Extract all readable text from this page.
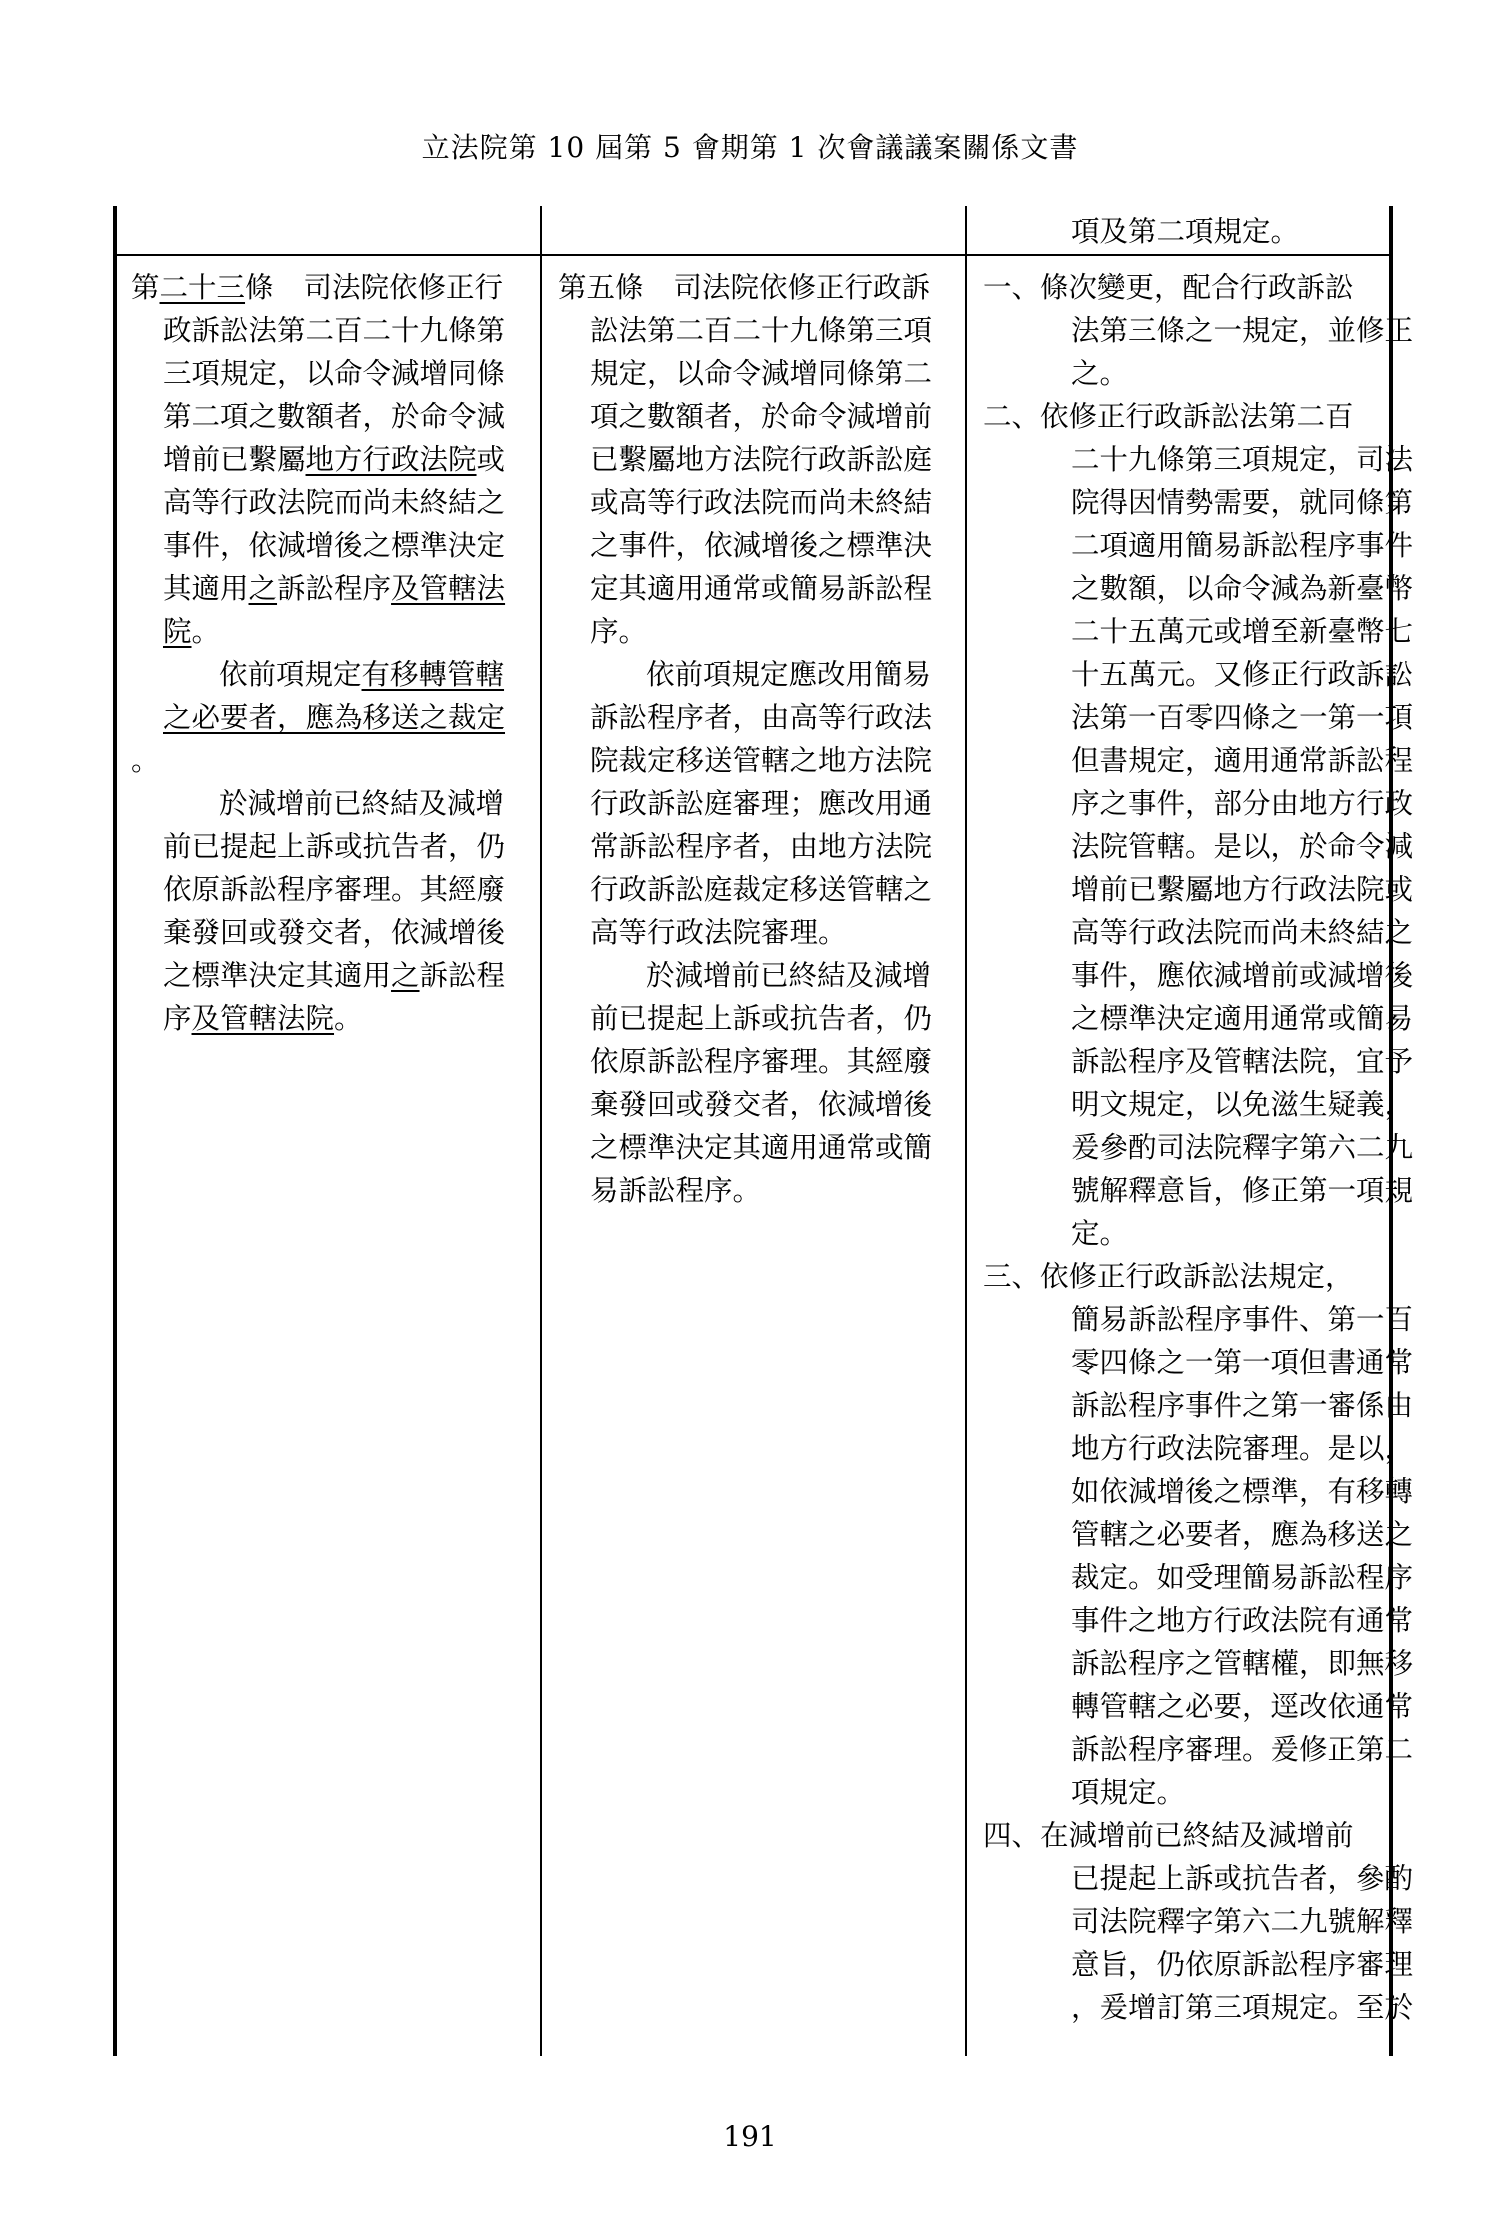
立法院第 10 屆第 5 會期第 1 次會議議案關係文書
項及第二項規定。
第二十三條 司法院依修正行
政訴訟法第二百二十九條第
三項規定，以命令減增同條
第二項之數額者，於命令減
增前已繫屬地方行政法院或
高等行政法院而尚未終結之
事件，依減增後之標準決定
其適用之訴訟程序及管轄法
院。
依前項規定有移轉管轄
之必要者，應為移送之裁定
。
於減增前已終結及減增
前已提起上訴或抗告者，仍
依原訴訟程序審理。其經廢
棄發回或發交者，依減增後
之標準決定其適用之訴訟程
序及管轄法院。
第五條 司法院依修正行政訴
訟法第二百二十九條第三項
規定，以命令減增同條第二
項之數額者，於命令減增前
已繫屬地方法院行政訴訟庭
或高等行政法院而尚未終結
之事件，依減增後之標準決
定其適用通常或簡易訴訟程
序。
依前項規定應改用簡易
訴訟程序者，由高等行政法
院裁定移送管轄之地方法院
行政訴訟庭審理；應改用通
常訴訟程序者，由地方法院
行政訴訟庭裁定移送管轄之
高等行政法院審理。
於減增前已終結及減增
前已提起上訴或抗告者，仍
依原訴訟程序審理。其經廢
棄發回或發交者，依減增後
之標準決定其適用通常或簡
易訴訟程序。
一、條次變更，配合行政訴訟
法第三條之一規定，並修正
之。
二、依修正行政訴訟法第二百
二十九條第三項規定，司法
院得因情勢需要，就同條第
二項適用簡易訴訟程序事件
之數額，以命令減為新臺幣
二十五萬元或增至新臺幣七
十五萬元。又修正行政訴訟
法第一百零四條之一第一項
但書規定，適用通常訴訟程
序之事件，部分由地方行政
法院管轄。是以，於命令減
增前已繫屬地方行政法院或
高等行政法院而尚未終結之
事件，應依減增前或減增後
之標準決定適用通常或簡易
訴訟程序及管轄法院，宜予
明文規定，以免滋生疑義，
爰參酌司法院釋字第六二九
號解釋意旨，修正第一項規
定。
三、依修正行政訴訟法規定，
簡易訴訟程序事件、第一百
零四條之一第一項但書通常
訴訟程序事件之第一審係由
地方行政法院審理。是以，
如依減增後之標準，有移轉
管轄之必要者，應為移送之
裁定。如受理簡易訴訟程序
事件之地方行政法院有通常
訴訟程序之管轄權，即無移
轉管轄之必要，逕改依通常
訴訟程序審理。爰修正第二
項規定。
四、在減增前已終結及減增前
已提起上訴或抗告者，參酌
司法院釋字第六二九號解釋
意旨，仍依原訴訟程序審理
，爰增訂第三項規定。至於
191
